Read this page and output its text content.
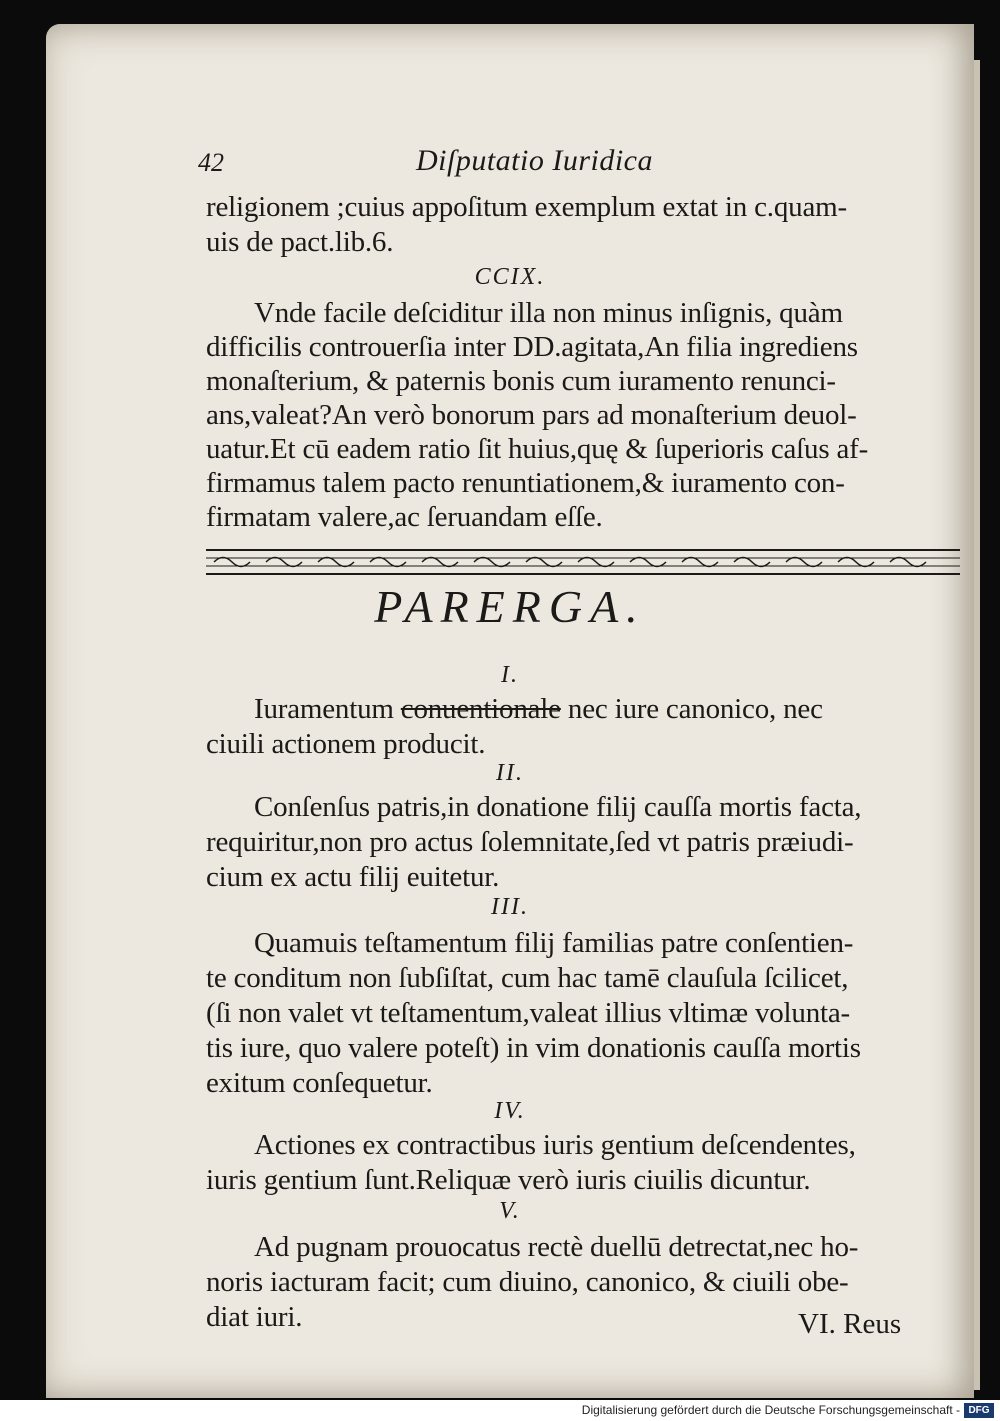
42	Diſputatio Iuridica
religionem ;cuius appoſitum exemplum extat in c.quam-
uis de pact.lib.6.
CCIX.
Vnde facile deſciditur illa non minus inſignis, quàm
difficilis controuerſia inter DD.agitata,An filia ingrediens
monaſterium, & paternis bonis cum iuramento renunci-
ans,valeat?An verò bonorum pars ad monaſterium deuol-
uatur.Et cū eadem ratio ſit huius,quę & ſuperioris caſus af-
firmamus talem pacto renuntiationem,& iuramento con-
firmatam valere,ac ſeruandam eſſe.
PARERGA.
I.
Iuramentum conuentionale nec iure canonico, nec
ciuili actionem producit.
II.
Conſenſus patris,in donatione filij cauſſa mortis facta,
requiritur,non pro actus ſolemnitate,ſed vt patris præiudi-
cium ex actu filij euitetur.
III.
Quamuis teſtamentum filij familias patre conſentien-
te conditum non ſubſiſtat, cum hac tamē clauſula ſcilicet,
(ſi non valet vt teſtamentum,valeat illius vltimæ volunta-
tis iure, quo valere poteſt) in vim donationis cauſſa mortis
exitum conſequetur.
IV.
Actiones ex contractibus iuris gentium deſcendentes,
iuris gentium ſunt.Reliquæ verò iuris ciuilis dicuntur.
V.
Ad pugnam prouocatus rectè duellū detrectat,nec ho-
noris iacturam facit; cum diuino, canonico, & ciuili obe-
diat iuri.	VI. Reus
Digitalisierung gefördert durch die Deutsche Forschungsgemeinschaft - DFG
